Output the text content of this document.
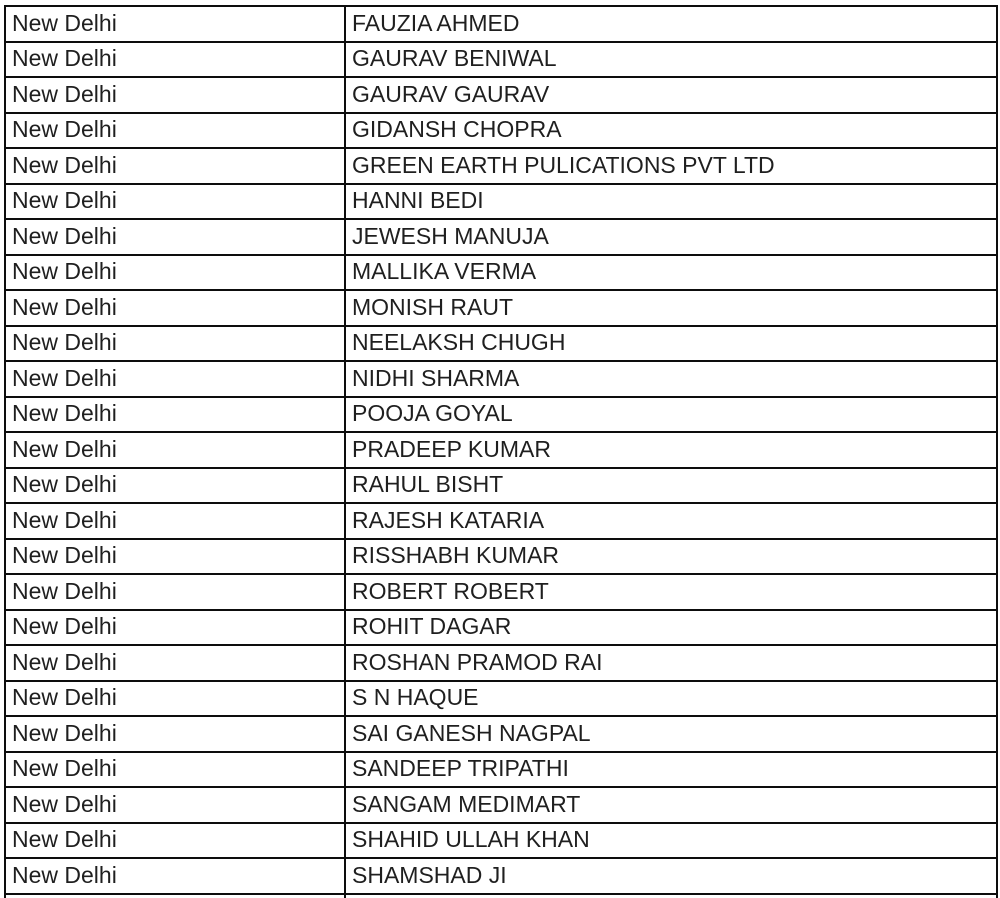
New Delhi	FAUZIA AHMED
New Delhi	GAURAV BENIWAL
New Delhi	GAURAV GAURAV
New Delhi	GIDANSH CHOPRA
New Delhi	GREEN EARTH PULICATIONS PVT LTD
New Delhi	HANNI BEDI
New Delhi	JEWESH MANUJA
New Delhi	MALLIKA VERMA
New Delhi	MONISH RAUT
New Delhi	NEELAKSH CHUGH
New Delhi	NIDHI SHARMA
New Delhi	POOJA GOYAL
New Delhi	PRADEEP KUMAR
New Delhi	RAHUL BISHT
New Delhi	RAJESH KATARIA
New Delhi	RISSHABH KUMAR
New Delhi	ROBERT ROBERT
New Delhi	ROHIT DAGAR
New Delhi	ROSHAN PRAMOD RAI
New Delhi	S N HAQUE
New Delhi	SAI GANESH NAGPAL
New Delhi	SANDEEP TRIPATHI
New Delhi	SANGAM MEDIMART
New Delhi	SHAHID ULLAH KHAN
New Delhi	SHAMSHAD JI
